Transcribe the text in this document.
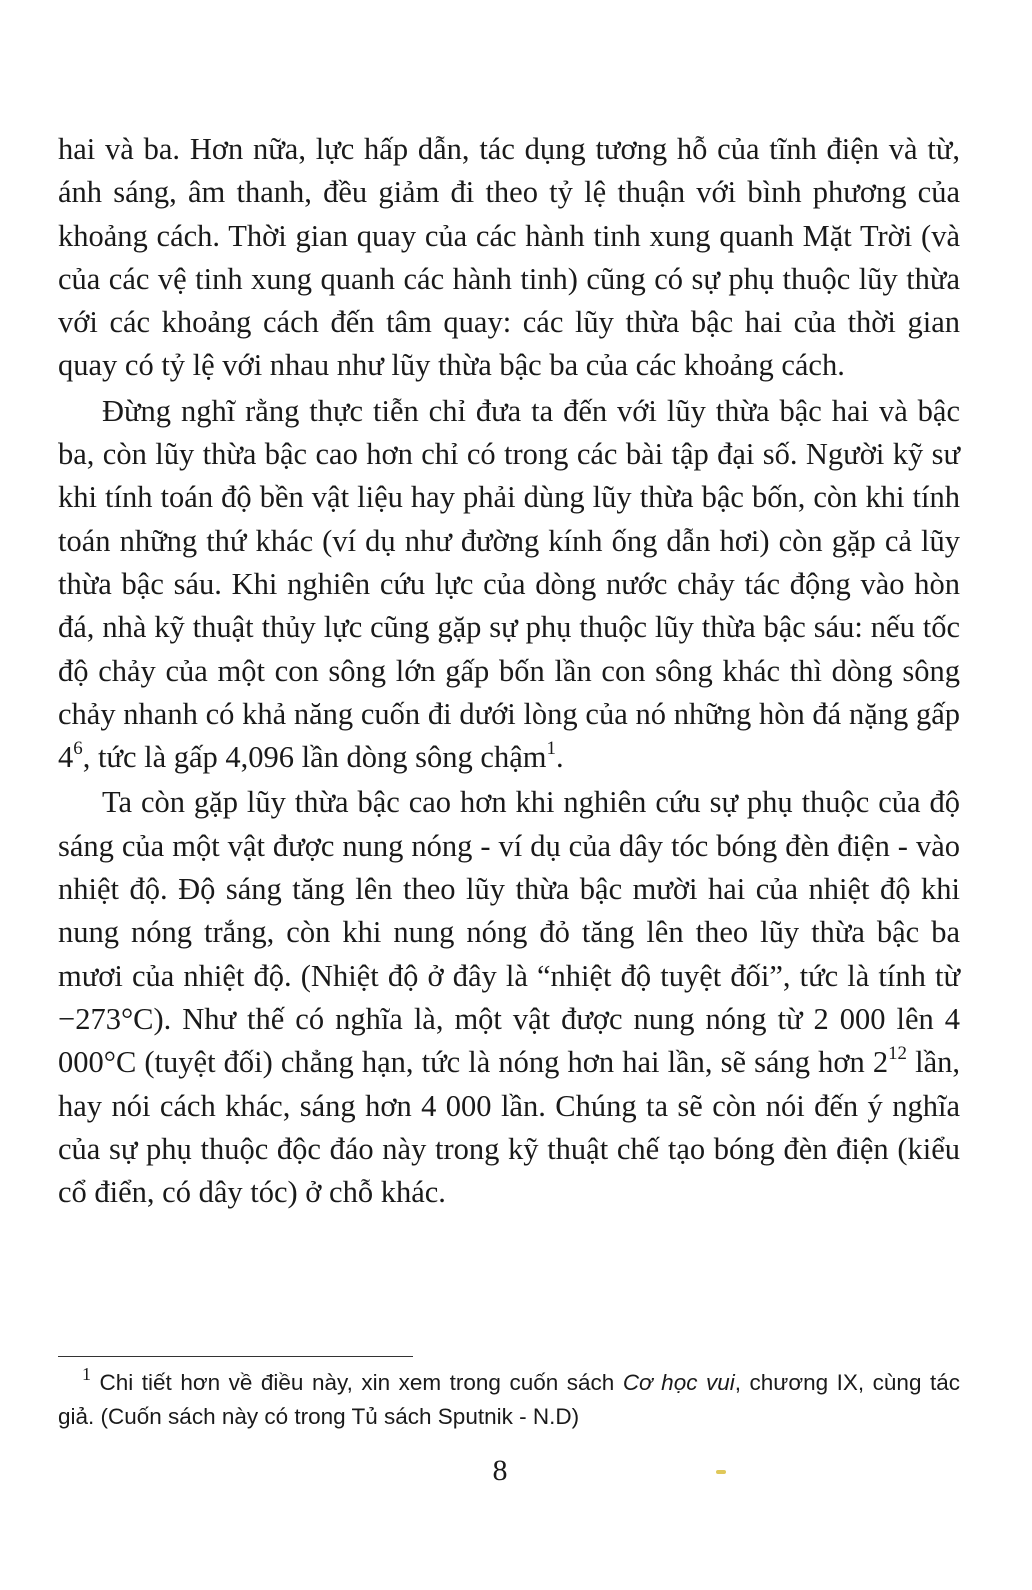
hai và ba. Hơn nữa, lực hấp dẫn, tác dụng tương hỗ của tĩnh điện và từ, ánh sáng, âm thanh, đều giảm đi theo tỷ lệ thuận với bình phương của khoảng cách. Thời gian quay của các hành tinh xung quanh Mặt Trời (và của các vệ tinh xung quanh các hành tinh) cũng có sự phụ thuộc lũy thừa với các khoảng cách đến tâm quay: các lũy thừa bậc hai của thời gian quay có tỷ lệ với nhau như lũy thừa bậc ba của các khoảng cách.

Đừng nghĩ rằng thực tiễn chỉ đưa ta đến với lũy thừa bậc hai và bậc ba, còn lũy thừa bậc cao hơn chỉ có trong các bài tập đại số. Người kỹ sư khi tính toán độ bền vật liệu hay phải dùng lũy thừa bậc bốn, còn khi tính toán những thứ khác (ví dụ như đường kính ống dẫn hơi) còn gặp cả lũy thừa bậc sáu. Khi nghiên cứu lực của dòng nước chảy tác động vào hòn đá, nhà kỹ thuật thủy lực cũng gặp sự phụ thuộc lũy thừa bậc sáu: nếu tốc độ chảy của một con sông lớn gấp bốn lần con sông khác thì dòng sông chảy nhanh có khả năng cuốn đi dưới lòng của nó những hòn đá nặng gấp $4^6$, tức là gấp 4,096 lần dòng sông chậm$^1$.

Ta còn gặp lũy thừa bậc cao hơn khi nghiên cứu sự phụ thuộc của độ sáng của một vật được nung nóng - ví dụ của dây tóc bóng đèn điện - vào nhiệt độ. Độ sáng tăng lên theo lũy thừa bậc mười hai của nhiệt độ khi nung nóng trắng, còn khi nung nóng đỏ tăng lên theo lũy thừa bậc ba mươi của nhiệt độ. (Nhiệt độ ở đây là “nhiệt độ tuyệt đối”, tức là tính từ −273°C). Như thế có nghĩa là, một vật được nung nóng từ 2 000 lên 4 000°C (tuyệt đối) chẳng hạn, tức là nóng hơn hai lần, sẽ sáng hơn $2^{12}$ lần, hay nói cách khác, sáng hơn 4 000 lần. Chúng ta sẽ còn nói đến ý nghĩa của sự phụ thuộc độc đáo này trong kỹ thuật chế tạo bóng đèn điện (kiểu cổ điển, có dây tóc) ở chỗ khác.

$^1$ Chi tiết hơn về điều này, xin xem trong cuốn sách Cơ học vui, chương IX, cùng tác giả. (Cuốn sách này có trong Tủ sách Sputnik - N.D)
8
